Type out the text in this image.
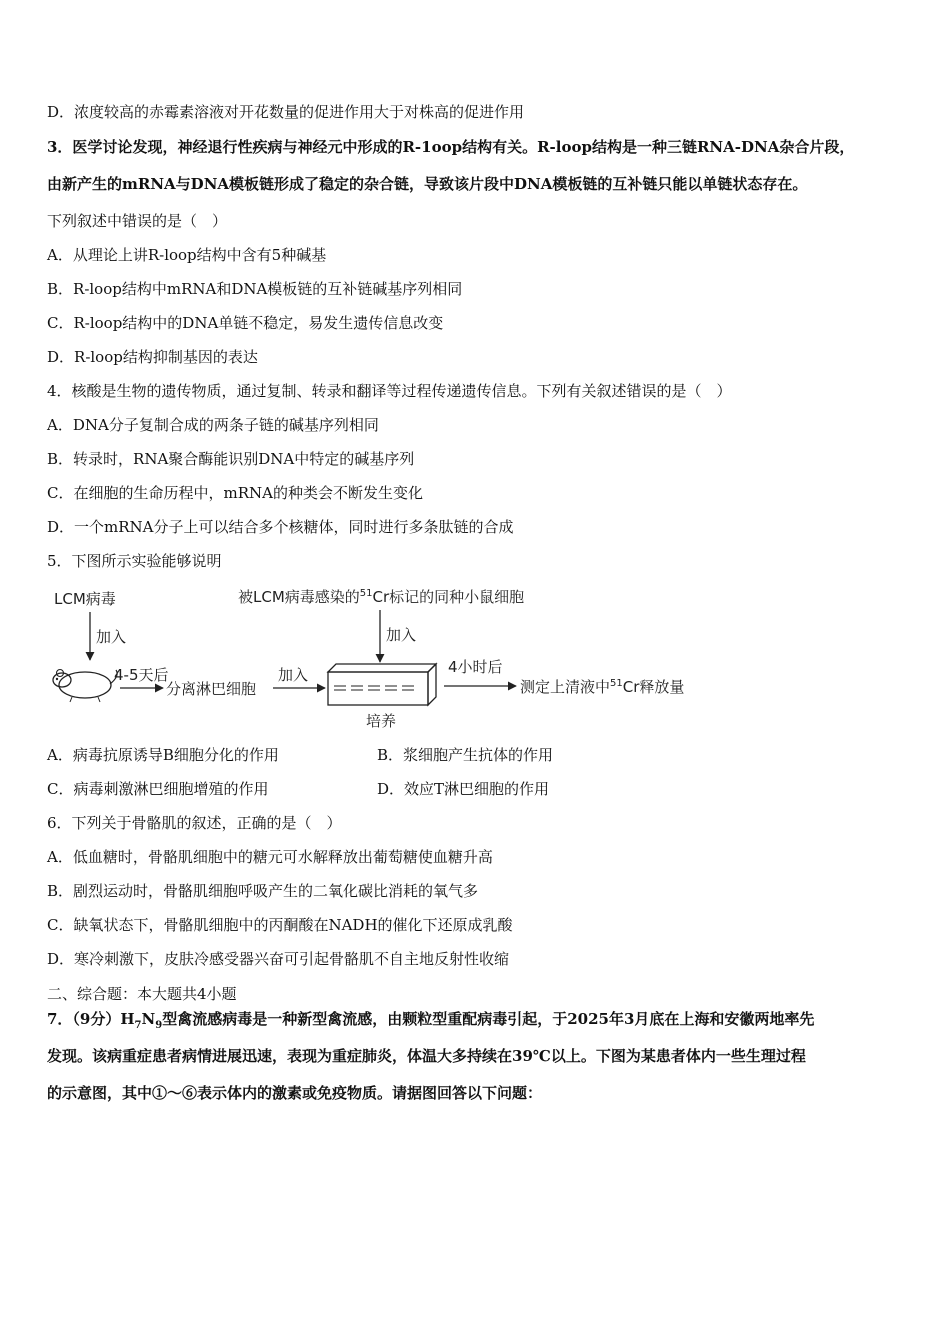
D．浓度较高的赤霉素溶液对开花数量的促进作用大于对株高的促进作用
3．医学讨论发现，神经退行性疾病与神经元中形成的R-1oop结构有关。R-loop结构是一种三链RNA-DNA杂合片段，
由新产生的mRNA与DNA模板链形成了稳定的杂合链，导致该片段中DNA模板链的互补链只能以单链状态存在。
下列叙述中错误的是（　）
A．从理论上讲R-loop结构中含有5种碱基
B．R-loop结构中mRNA和DNA模板链的互补链碱基序列相同
C．R-loop结构中的DNA单链不稳定，易发生遗传信息改变
D．R-loop结构抑制基因的表达
4．核酸是生物的遗传物质，通过复制、转录和翻译等过程传递遗传信息。下列有关叙述错误的是（　）
A．DNA分子复制合成的两条子链的碱基序列相同
B．转录时，RNA聚合酶能识别DNA中特定的碱基序列
C．在细胞的生命历程中，mRNA的种类会不断发生变化
D．一个mRNA分子上可以结合多个核糖体，同时进行多条肽链的合成
5．下图所示实验能够说明
LCM病毒
加入
4-5天后
分离淋巴细胞
加入
被LCM病毒感染的$^{51}$Cr标记的同种小鼠细胞
加入
培养
4小时后
测定上清液中$^{51}$Cr释放量
A．病毒抗原诱导B细胞分化的作用	B．浆细胞产生抗体的作用
C．病毒刺激淋巴细胞增殖的作用	D．效应T淋巴细胞的作用
6．下列关于骨骼肌的叙述，正确的是（　）
A．低血糖时，骨骼肌细胞中的糖元可水解释放出葡萄糖使血糖升高
B．剧烈运动时，骨骼肌细胞呼吸产生的二氧化碳比消耗的氧气多
C．缺氧状态下，骨骼肌细胞中的丙酮酸在NADH的催化下还原成乳酸
D．寒冷刺激下，皮肤冷感受器兴奋可引起骨骼肌不自主地反射性收缩
二、综合题：本大题共4小题
7．（9分）$H_7N_9$型禽流感病毒是一种新型禽流感，由颗粒型重配病毒引起，于2025年3月底在上海和安徽两地率先
发现。该病重症患者病情进展迅速，表现为重症肺炎，体温大多持续在39℃以上。下图为某患者体内一些生理过程
的示意图，其中①～⑥表示体内的激素或免疫物质。请据图回答以下问题：
